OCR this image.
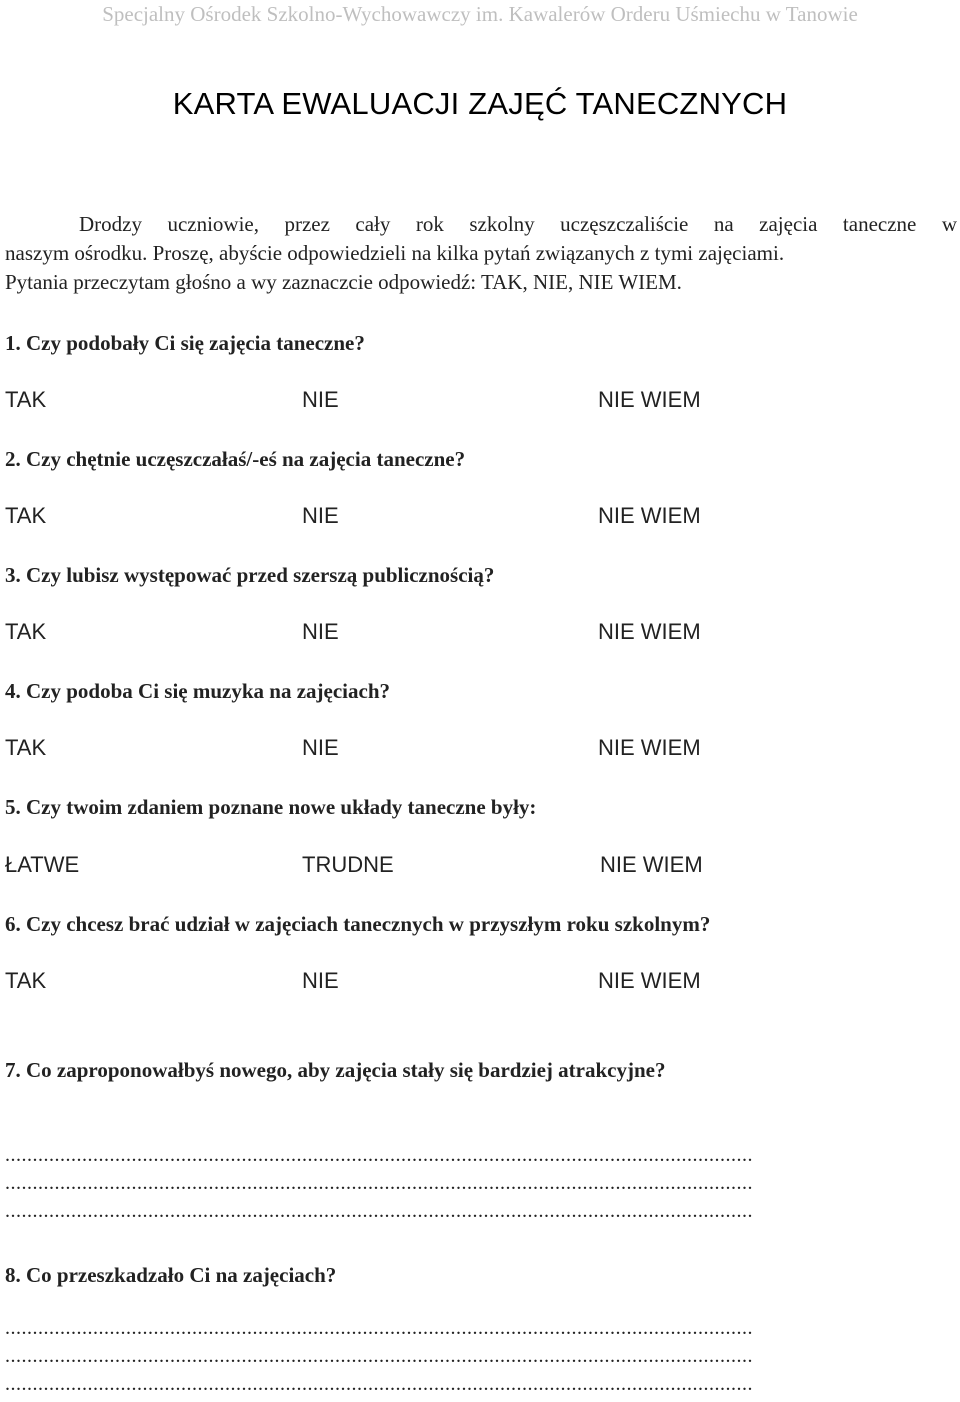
Specjalny Ośrodek Szkolno-Wychowawczy im. Kawalerów Orderu Uśmiechu w Tanowie
KARTA EWALUACJI ZAJĘĆ TANECZNYCH
Drodzy uczniowie, przez cały rok szkolny uczęszczaliście na zajęcia taneczne w
naszym ośrodku. Proszę, abyście odpowiedzieli na kilka pytań związanych z tymi zajęciami.
Pytania przeczytam głośno a wy zaznaczcie odpowiedź: TAK, NIE, NIE WIEM.
1. Czy podobały Ci się zajęcia taneczne?
TAK	NIE	NIE WIEM
2. Czy chętnie uczęszczałaś/-eś na zajęcia taneczne?
TAK	NIE	NIE WIEM
3. Czy lubisz występować przed szerszą publicznością?
TAK	NIE	NIE WIEM
4. Czy podoba Ci się muzyka na zajęciach?
TAK	NIE	NIE WIEM
5. Czy twoim zdaniem poznane nowe układy taneczne były:
ŁATWE	TRUDNE	NIE WIEM
6. Czy chcesz brać udział w zajęciach tanecznych w przyszłym roku szkolnym?
TAK	NIE	NIE WIEM
7. Co zaproponowałbyś nowego, aby zajęcia stały się bardziej atrakcyjne?
........................................................................................................................................
........................................................................................................................................
........................................................................................................................................
8. Co przeszkadzało Ci na zajęciach?
........................................................................................................................................
........................................................................................................................................
........................................................................................................................................
